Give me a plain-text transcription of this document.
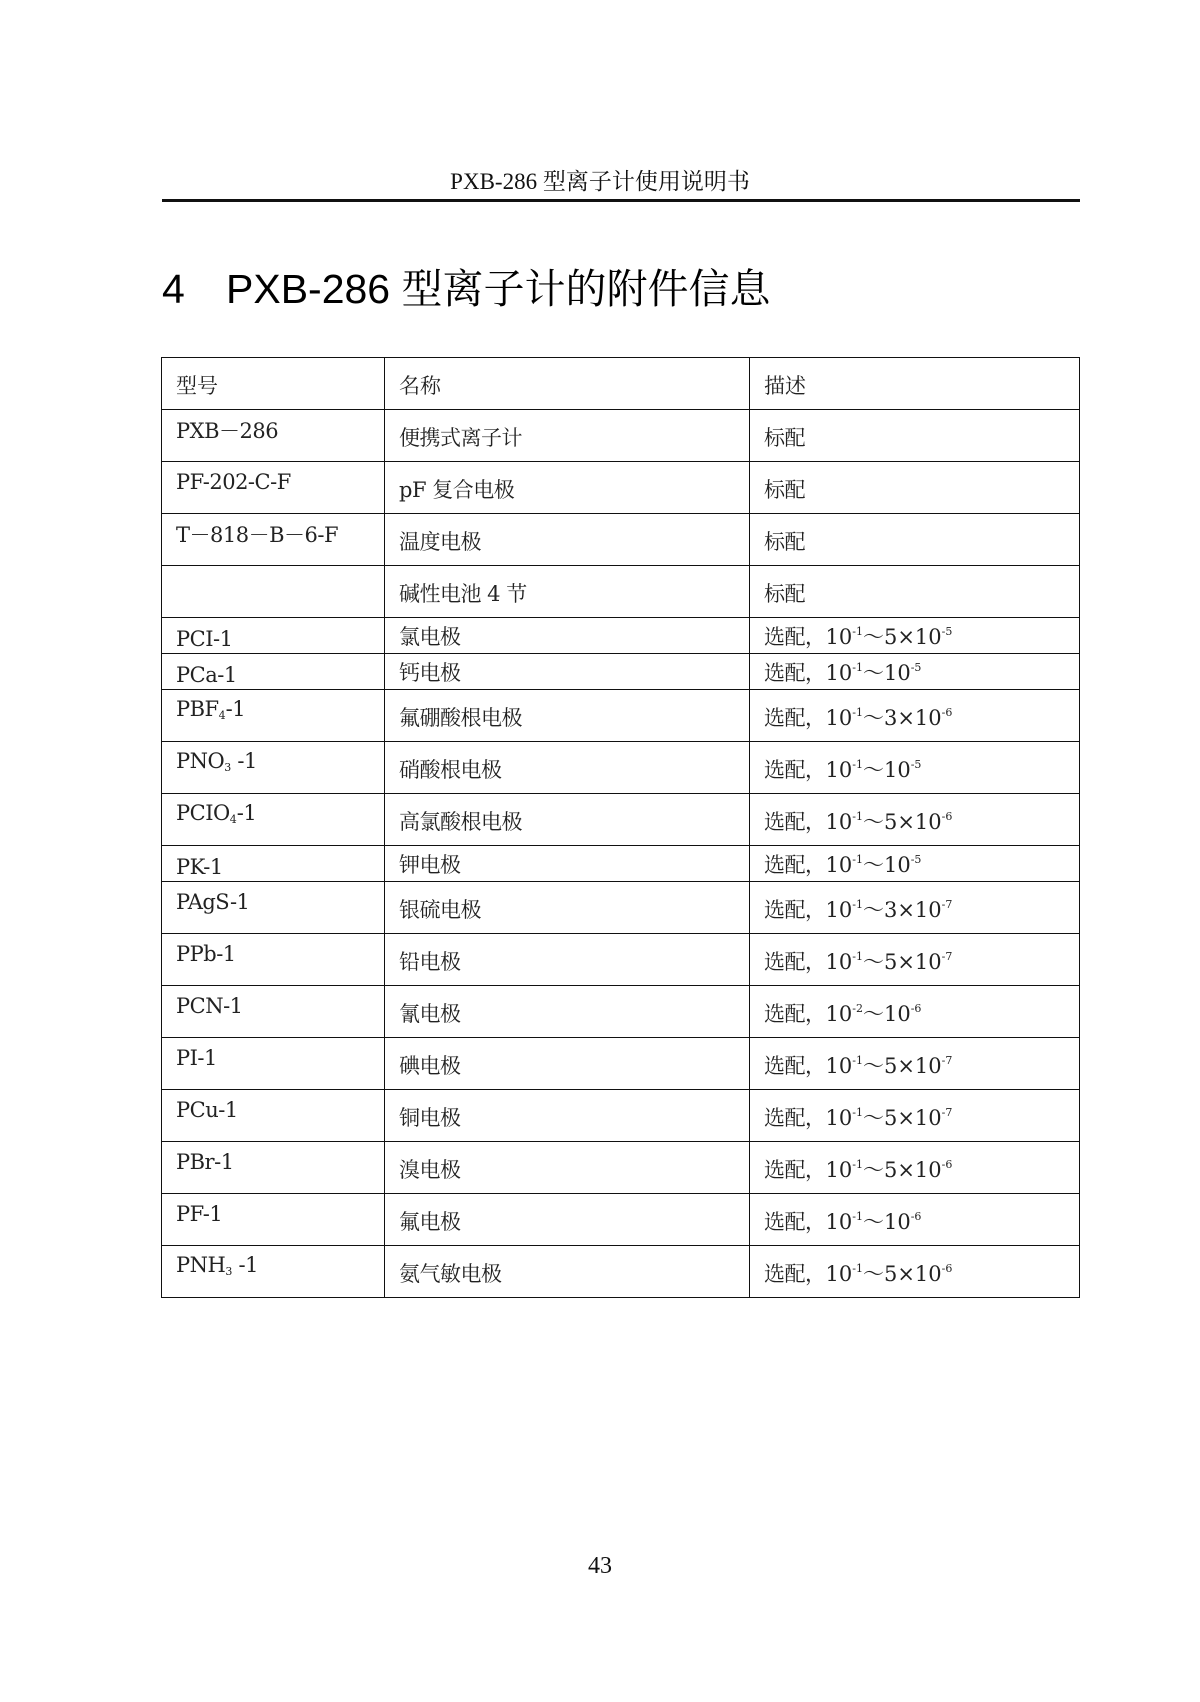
PXB-286 型离子计使用说明书
4 PXB-286 型离子计的附件信息
型号	名称	描述
PXB－286	便携式离子计	标配
PF-202-C-F	pF 复合电极	标配
T－818－B－6-F	温度电极	标配
	碱性电池 4 节	标配
PCI-1	氯电极	选配，$10^{-1}\sim 5\times 10^{-5}$
PCa-1	钙电极	选配，$10^{-1}\sim 10^{-5}$
$PBF_4-1$	氟硼酸根电极	选配，$10^{-1}\sim 3\times 10^{-6}$
$PNO_3$ -1	硝酸根电极	选配，$10^{-1}\sim 10^{-5}$
$PCIO_4-1$	高氯酸根电极	选配，$10^{-1}\sim 5\times 10^{-6}$
PK-1	钾电极	选配，$10^{-1}\sim 10^{-5}$
PAgS-1	银硫电极	选配，$10^{-1}\sim 3\times 10^{-7}$
PPb-1	铅电极	选配，$10^{-1}\sim 5\times 10^{-7}$
PCN-1	氰电极	选配，$10^{-2}\sim 10^{-6}$
PI-1	碘电极	选配，$10^{-1}\sim 5\times 10^{-7}$
PCu-1	铜电极	选配，$10^{-1}\sim 5\times 10^{-7}$
PBr-1	溴电极	选配，$10^{-1}\sim 5\times 10^{-6}$
PF-1	氟电极	选配，$10^{-1}\sim 10^{-6}$
$PNH_3$ -1	氨气敏电极	选配，$10^{-1}\sim 5\times 10^{-6}$
43
